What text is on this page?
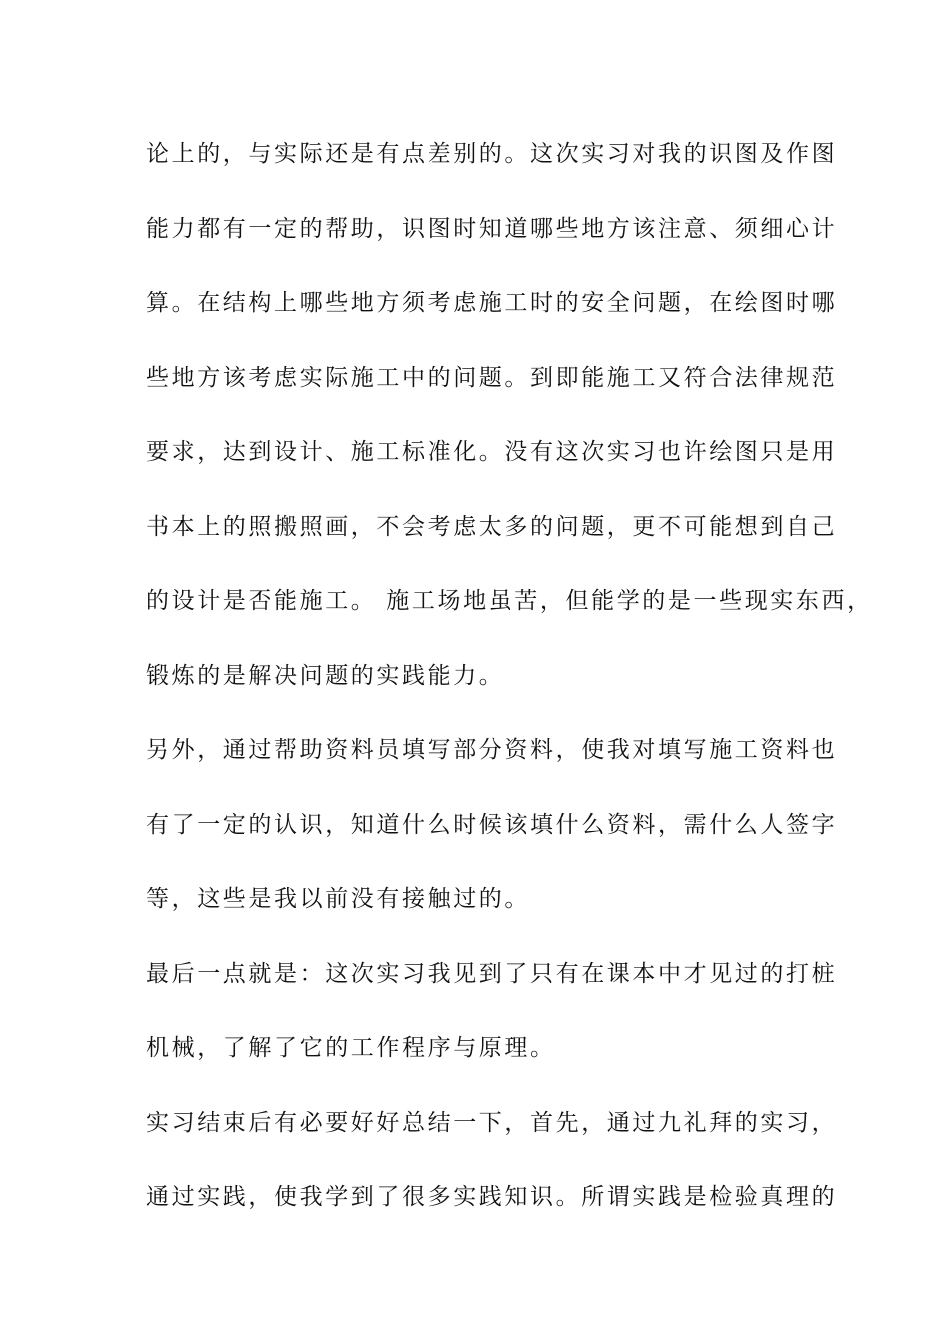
论上的，与实际还是有点差别的。这次实习对我的识图及作图
能力都有一定的帮助，识图时知道哪些地方该注意、须细心计
算。在结构上哪些地方须考虑施工时的安全问题，在绘图时哪
些地方该考虑实际施工中的问题。到即能施工又符合法律规范
要求，达到设计、施工标准化。没有这次实习也许绘图只是用
书本上的照搬照画，不会考虑太多的问题，更不可能想到自己
的设计是否能施工。 施工场地虽苦，但能学的是一些现实东西，
锻炼的是解决问题的实践能力。
另外，通过帮助资料员填写部分资料，使我对填写施工资料也
有了一定的认识，知道什么时候该填什么资料，需什么人签字
等，这些是我以前没有接触过的。
最后一点就是：这次实习我见到了只有在课本中才见过的打桩
机械，了解了它的工作程序与原理。
实习结束后有必要好好总结一下，首先，通过九礼拜的实习，
通过实践，使我学到了很多实践知识。所谓实践是检验真理的
